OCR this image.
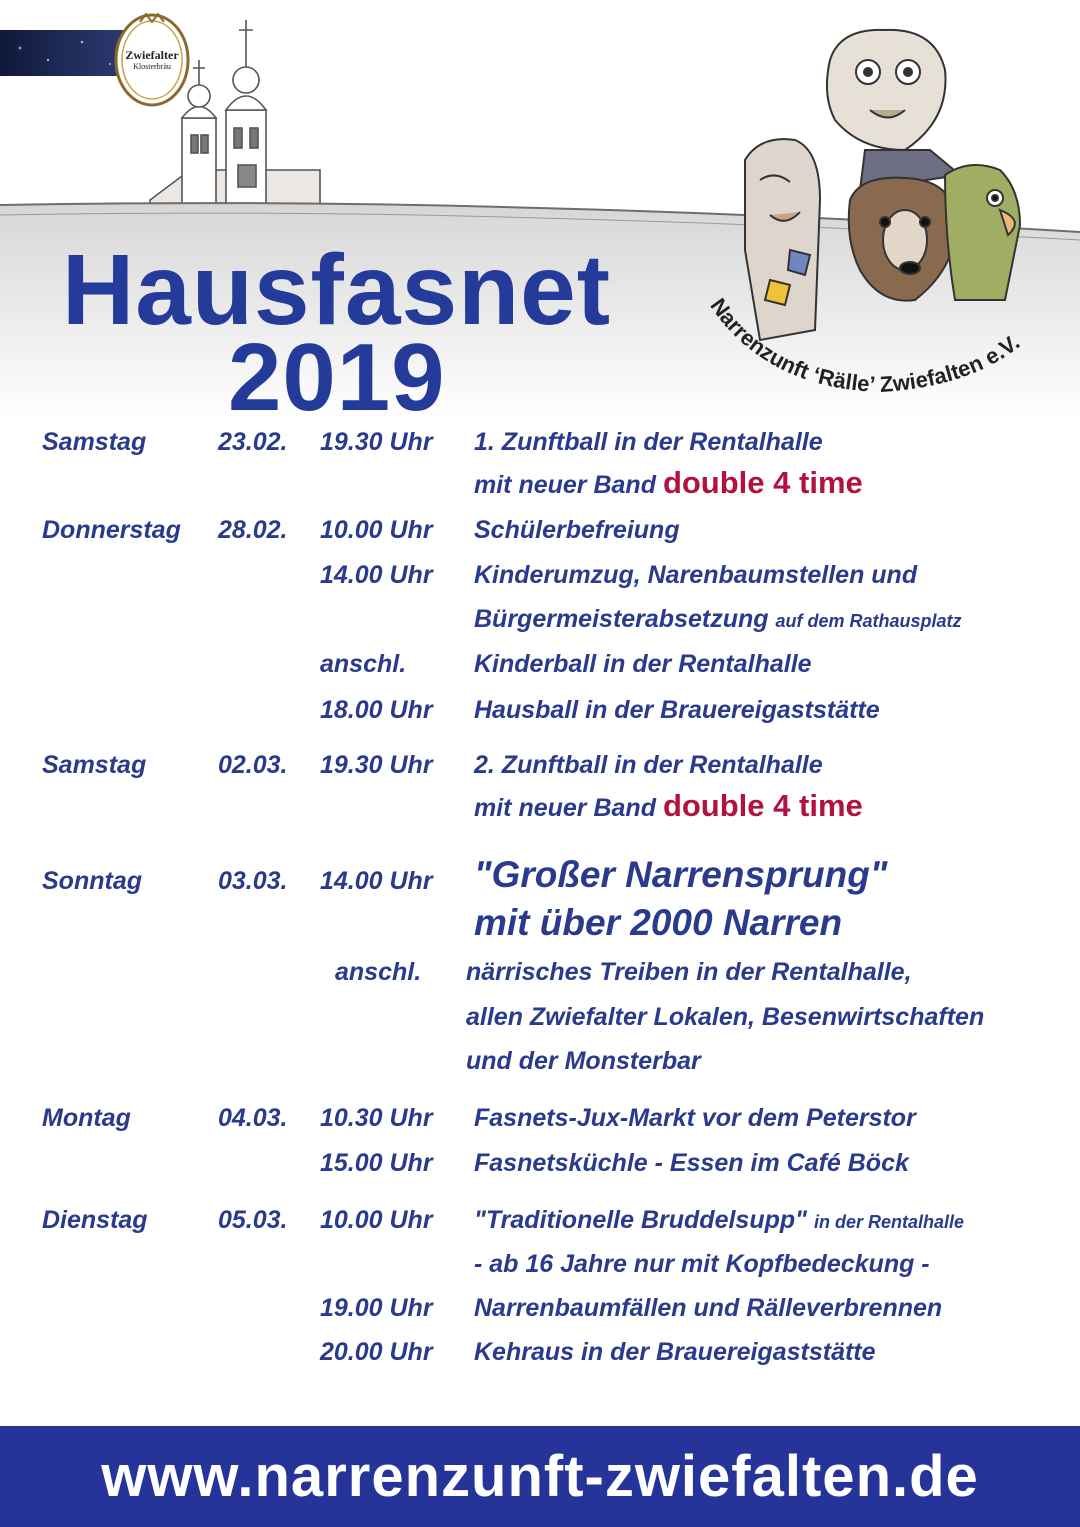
Narrenzunft ‘Rälle’ Zwiefalten e.V.
Zwiefalter
Klosterbräu
Hausfasnet
2019
Samstag	23.02. 19.30 Uhr 1. Zunftball in der Rentalhalle
mit neuer Band double 4 time
Donnerstag 28.02. 10.00 Uhr Schülerbefreiung
14.00 Uhr Kinderumzug, Narenbaumstellen und
Bürgermeisterabsetzung auf dem Rathausplatz
anschl.	Kinderball in der Rentalhalle
18.00 Uhr Hausball in der Brauereigaststätte
Samstag	02.03. 19.30 Uhr 2. Zunftball in der Rentalhalle
mit neuer Band double 4 time
Sonntag	03.03. 14.00 Uhr "Großer Narrensprung"
mit über 2000 Narren
anschl. närrisches Treiben in der Rentalhalle,
allen Zwiefalter Lokalen, Besenwirtschaften
und der Monsterbar
Montag	04.03. 10.30 Uhr Fasnets-Jux-Markt vor dem Peterstor
15.00 Uhr Fasnetsküchle - Essen im Café Böck
Dienstag	05.03. 10.00 Uhr "Traditionelle Bruddelsupp" in der Rentalhalle
- ab 16 Jahre nur mit Kopfbedeckung -
19.00 Uhr Narrenbaumfällen und Rälleverbrennen
20.00 Uhr Kehraus in der Brauereigaststätte
www.narrenzunft-zwiefalten.de
